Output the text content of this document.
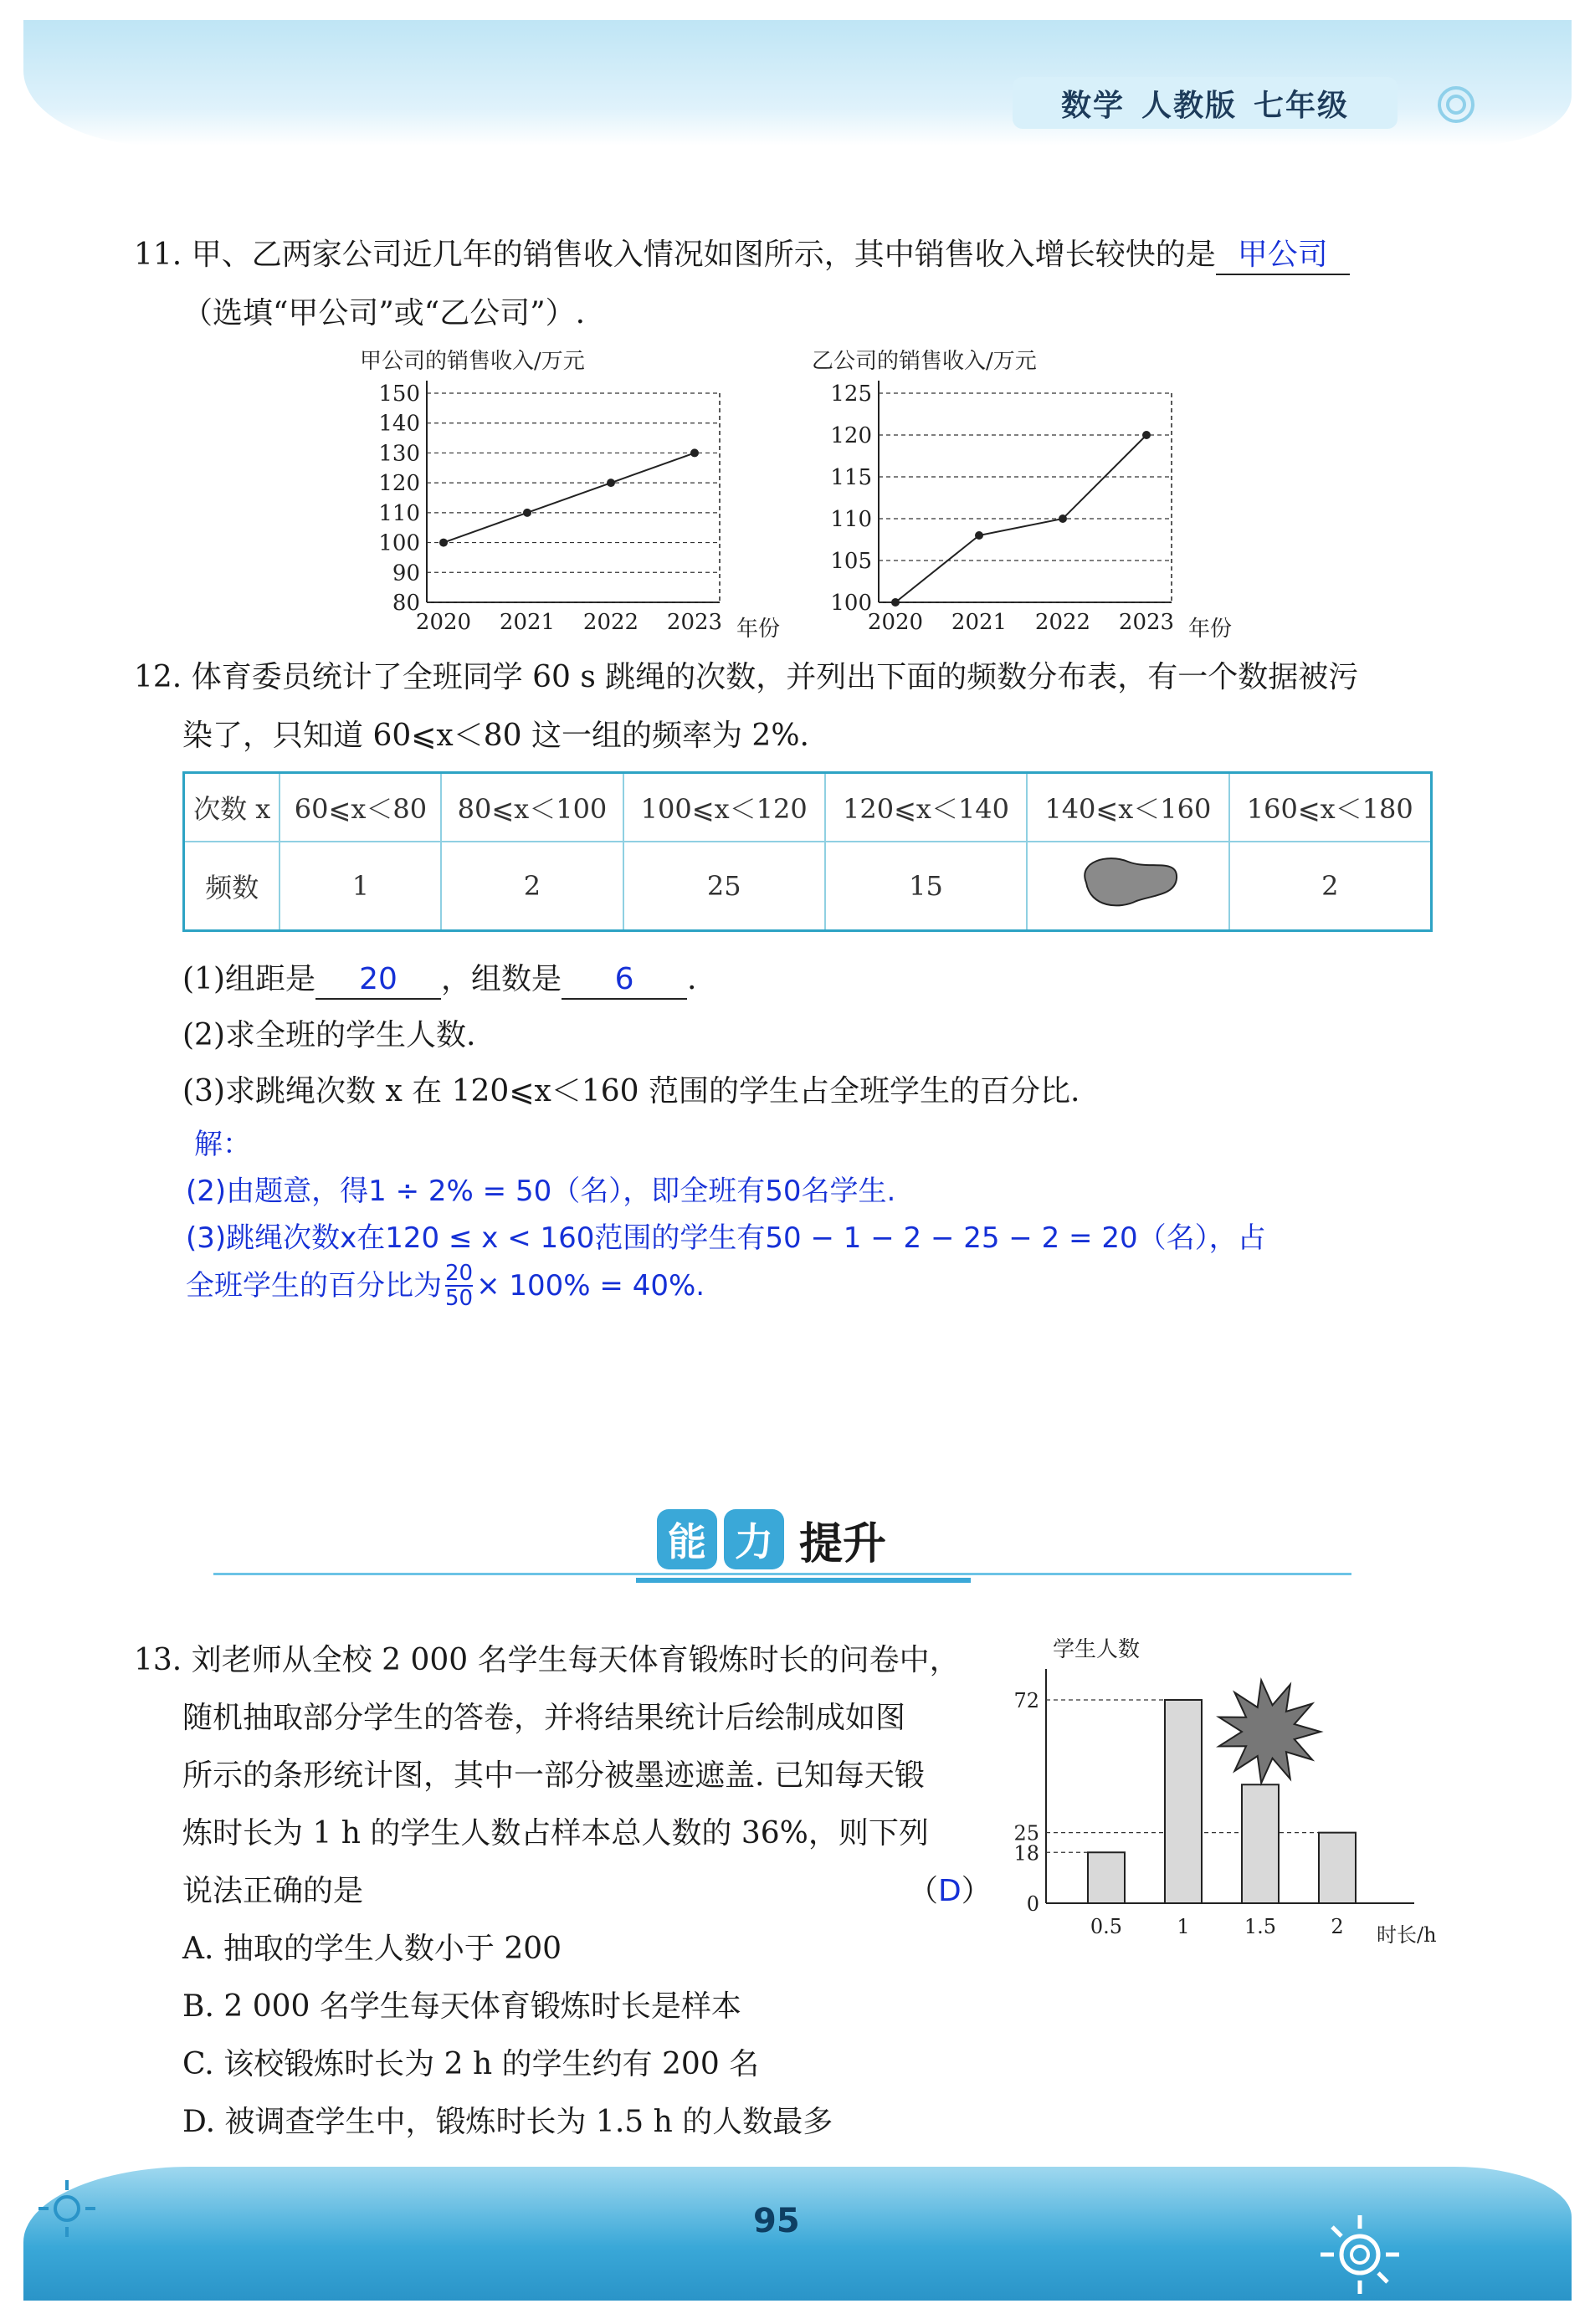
数学 人教版 七年级
11. 甲、乙两家公司近几年的销售收入情况如图所示，其中销售收入增长较快的是 甲公司
（选填“甲公司”或“乙公司”）.
甲公司的销售收入/万元
80
90
100
110
120
130
140
150
2020 2021 2022 2023 年份
乙公司的销售收入/万元
100
105
110
115
120
125
2020 2021 2022 2023 年份
12. 体育委员统计了全班同学 60 s 跳绳的次数，并列出下面的频数分布表，有一个数据被污
染了，只知道 60⩽x＜80 这一组的频率为 2%.
次数 x	60⩽x＜80	80⩽x＜100	100⩽x＜120	120⩽x＜140	140⩽x＜160	160⩽x＜180
频数	1	2	25	15		2
(1)组距是 20 ，组数是 6 .
(2)求全班的学生人数.
(3)求跳绳次数 x 在 120⩽x＜160 范围的学生占全班学生的百分比.
解：
(2)由题意，得1 ÷ 2% = 50（名），即全班有50名学生.
(3)跳绳次数x在120 ≤ x < 160范围的学生有50 − 1 − 2 − 25 − 2 = 20（名），占
全班学生的百分比为 $\frac{20}{50} \times 100\% = 40\%$.
能 力 提升
13. 刘老师从全校 2 000 名学生每天体育锻炼时长的问卷中，
随机抽取部分学生的答卷，并将结果统计后绘制成如图
所示的条形统计图，其中一部分被墨迹遮盖. 已知每天锻
炼时长为 1 h 的学生人数占样本总人数的 36%，则下列
说法正确的是	（D）
A. 抽取的学生人数小于 200
B. 2 000 名学生每天体育锻炼时长是样本
C. 该校锻炼时长为 2 h 的学生约有 200 名
D. 被调查学生中，锻炼时长为 1.5 h 的人数最多
学生人数
0
18
25
72
0.5	1	1.5	2 时长/h
95
